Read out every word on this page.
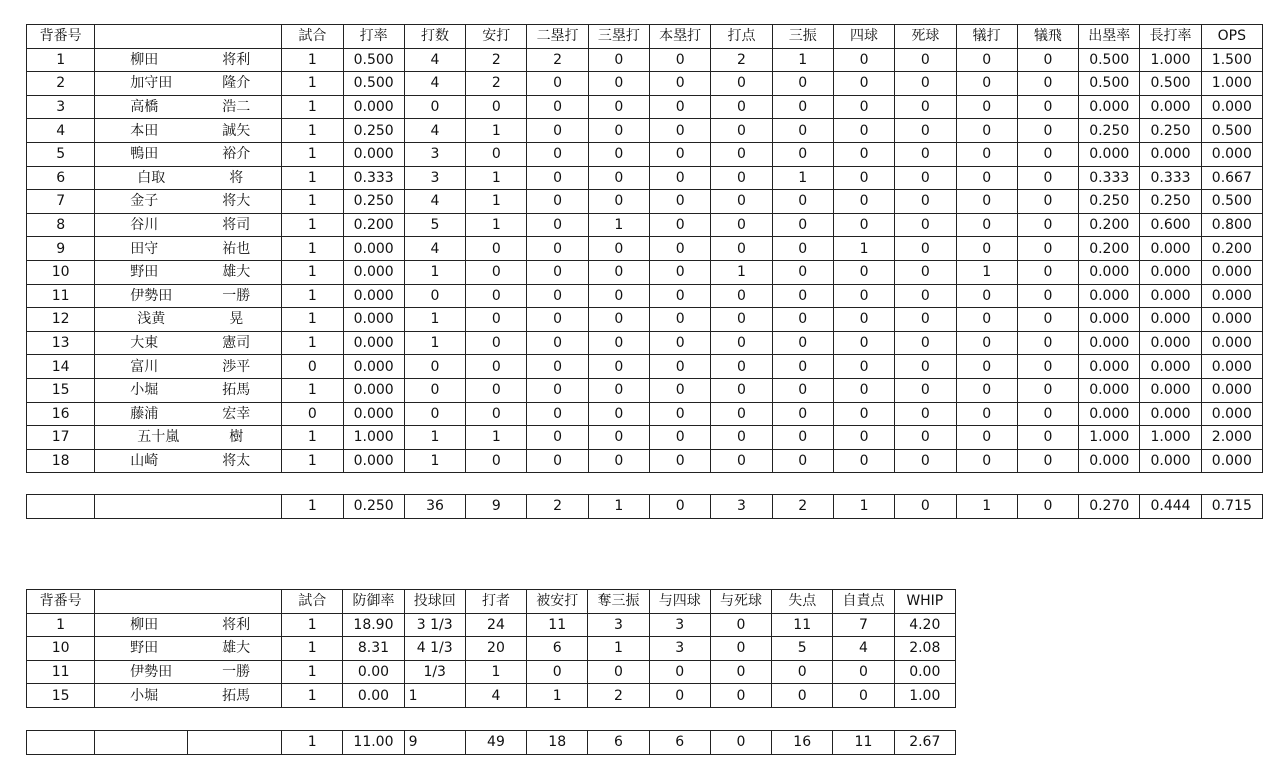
背番号		試合	打率	打数	安打	二塁打	三塁打	本塁打	打点	三振	四球	死球	犠打	犠飛	出塁率	長打率	OPS
1	柳田 将利	1	0.500	4	2	2	0	0	2	1	0	0	0	0	0.500	1.000	1.500
2	加守田 隆介	1	0.500	4	2	0	0	0	0	0	0	0	0	0	0.500	0.500	1.000
3	高橋 浩二	1	0.000	0	0	0	0	0	0	0	0	0	0	0	0.000	0.000	0.000
4	本田 誠矢	1	0.250	4	1	0	0	0	0	0	0	0	0	0	0.250	0.250	0.500
5	鴨田 裕介	1	0.000	3	0	0	0	0	0	0	0	0	0	0	0.000	0.000	0.000
6	白取 将	1	0.333	3	1	0	0	0	0	1	0	0	0	0	0.333	0.333	0.667
7	金子 将大	1	0.250	4	1	0	0	0	0	0	0	0	0	0	0.250	0.250	0.500
8	谷川 将司	1	0.200	5	1	0	1	0	0	0	0	0	0	0	0.200	0.600	0.800
9	田守 祐也	1	0.000	4	0	0	0	0	0	0	1	0	0	0	0.200	0.000	0.200
10	野田 雄大	1	0.000	1	0	0	0	0	1	0	0	0	1	0	0.000	0.000	0.000
11	伊勢田 一勝	1	0.000	0	0	0	0	0	0	0	0	0	0	0	0.000	0.000	0.000
12	浅黄 晃	1	0.000	1	0	0	0	0	0	0	0	0	0	0	0.000	0.000	0.000
13	大東 憲司	1	0.000	1	0	0	0	0	0	0	0	0	0	0	0.000	0.000	0.000
14	富川 渉平	0	0.000	0	0	0	0	0	0	0	0	0	0	0	0.000	0.000	0.000
15	小堀 拓馬	1	0.000	0	0	0	0	0	0	0	0	0	0	0	0.000	0.000	0.000
16	藤浦 宏幸	0	0.000	0	0	0	0	0	0	0	0	0	0	0	0.000	0.000	0.000
17	五十嵐 樹	1	1.000	1	1	0	0	0	0	0	0	0	0	0	1.000	1.000	2.000
18	山崎 将太	1	0.000	1	0	0	0	0	0	0	0	0	0	0	0.000	0.000	0.000
		1	0.250	36	9	2	1	0	3	2	1	0	1	0	0.270	0.444	0.715
背番号		試合	防御率	投球回	打者	被安打	奪三振	与四球	与死球	失点	自責点	WHIP
1	柳田 将利	1	18.90	3 1/3	24	11	3	3	0	11	7	4.20
10	野田 雄大	1	8.31	4 1/3	20	6	1	3	0	5	4	2.08
11	伊勢田 一勝	1	0.00	1/3	1	0	0	0	0	0	0	0.00
15	小堀 拓馬	1	0.00	1	4	1	2	0	0	0	0	1.00
			1	11.00	9	49	18	6	6	0	16	11	2.67
